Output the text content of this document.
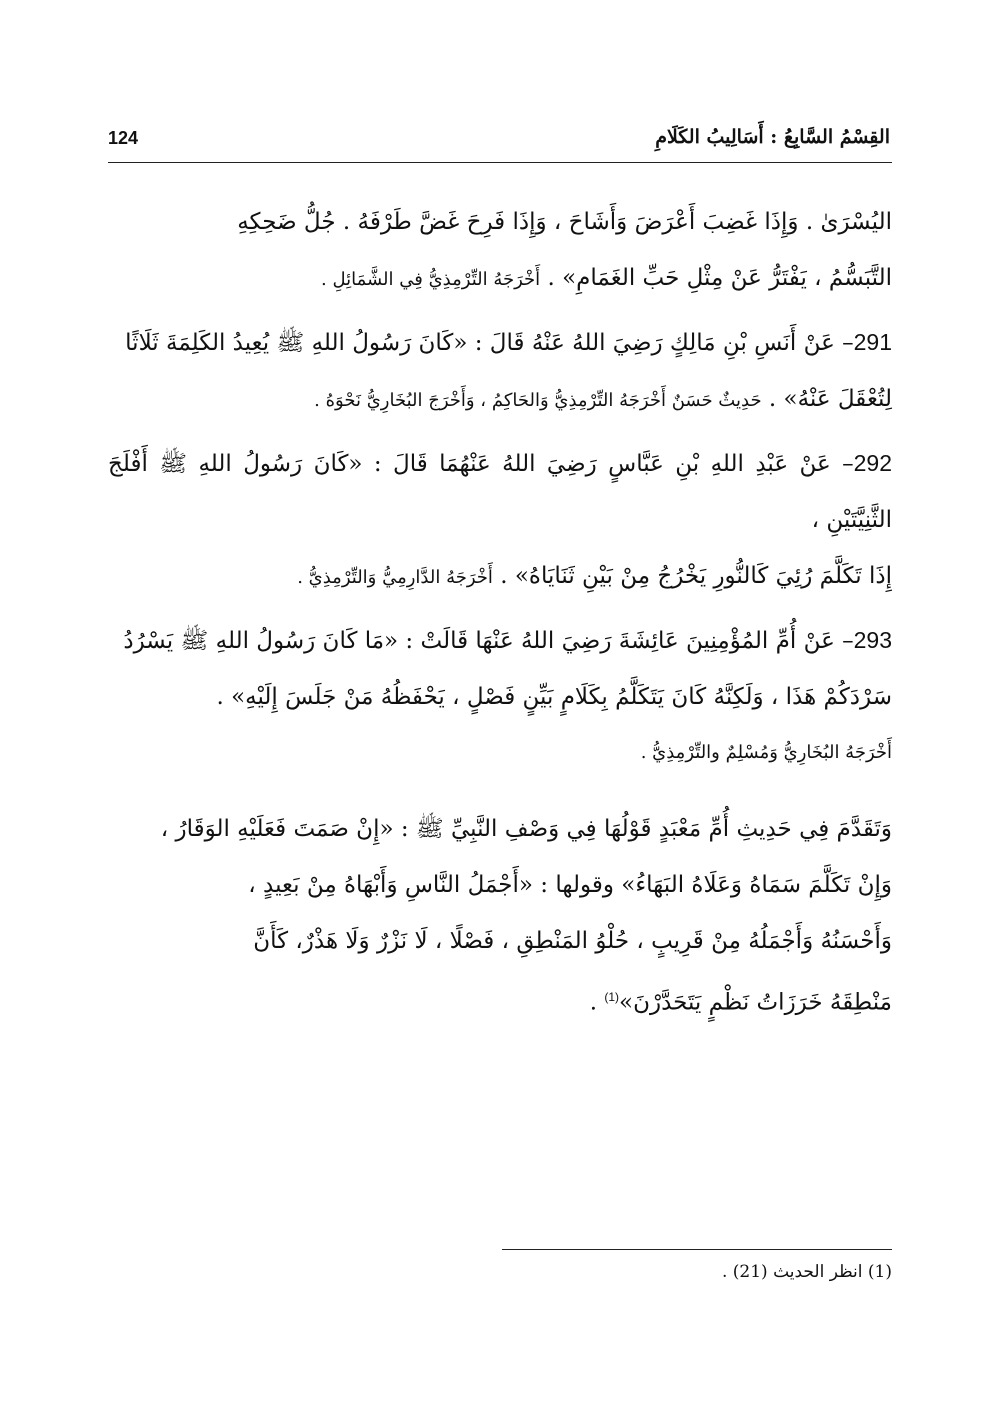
القِسْمُ السَّابِعُ : أَسَالِيبُ الكَلَامِ
124

اليُسْرَىٰ . وَإِذَا غَضِبَ أَعْرَضَ وَأَشَاحَ ، وَإِذَا فَرِحَ غَضَّ طَرْفَهُ . جُلُّ ضَحِكِهِ
التَّبَسُّمُ ، يَفْتَرُّ عَنْ مِثْلِ حَبِّ الغَمَامِ» . أَخْرَجَهُ التِّرْمِذِيُّ فِي الشَّمَائِلِ .

291– عَنْ أَنَسِ بْنِ مَالِكٍ رَضِيَ اللهُ عَنْهُ قَالَ : «كَانَ رَسُولُ اللهِ ﷺ يُعِيدُ الكَلِمَةَ ثَلَاثًا
لِتُعْقَلَ عَنْهُ» . حَدِيثٌ حَسَنٌ أَخْرَجَهُ التِّرْمِذِيُّ وَالحَاكِمُ ، وَأَخْرَجَ البُخَارِيُّ نَحْوَهُ .

292– عَنْ عَبْدِ اللهِ بْنِ عَبَّاسٍ رَضِيَ اللهُ عَنْهُمَا قَالَ : «كَانَ رَسُولُ اللهِ ﷺ أَفْلَجَ الثَّنِيَّتَيْنِ ،
إِذَا تَكَلَّمَ رُئِيَ كَالنُّورِ يَخْرُجُ مِنْ بَيْنِ ثَنَايَاهُ» . أَخْرَجَهُ الدَّارِمِيُّ وَالتِّرْمِذِيُّ .

293– عَنْ أُمِّ المُؤْمِنِينَ عَائِشَةَ رَضِيَ اللهُ عَنْهَا قَالَتْ : «مَا كَانَ رَسُولُ اللهِ ﷺ يَسْرُدُ
سَرْدَكُمْ هَذَا ، وَلَكِنَّهُ كَانَ يَتَكَلَّمُ بِكَلَامٍ بَيِّنٍ فَصْلٍ ، يَحْفَظُهُ مَنْ جَلَسَ إِلَيْهِ» .
أَخْرَجَهُ البُخَارِيُّ وَمُسْلِمٌ والتِّرْمِذِيُّ .

وَتَقَدَّمَ فِي حَدِيثِ أُمِّ مَعْبَدٍ قَوْلُهَا فِي وَصْفِ النَّبِيِّ ﷺ : «إِنْ صَمَتَ فَعَلَيْهِ الوَقَارُ ،
وَإِنْ تَكَلَّمَ سَمَاهُ وَعَلَاهُ البَهَاءُ» وقولها : «أَجْمَلُ النَّاسِ وَأَبْهَاهُ مِنْ بَعِيدٍ ،
وَأَحْسَنُهُ وَأَجْمَلُهُ مِنْ قَرِيبٍ ، حُلْوُ المَنْطِقِ ، فَصْلًا ، لَا نَزْرٌ وَلَا هَذْرٌ، كَأَنَّ
مَنْطِقَهُ خَرَزَاتُ نَظْمٍ يَتَحَدَّرْنَ»$^{(1)}$ .

(1) انظر الحديث (21) .
